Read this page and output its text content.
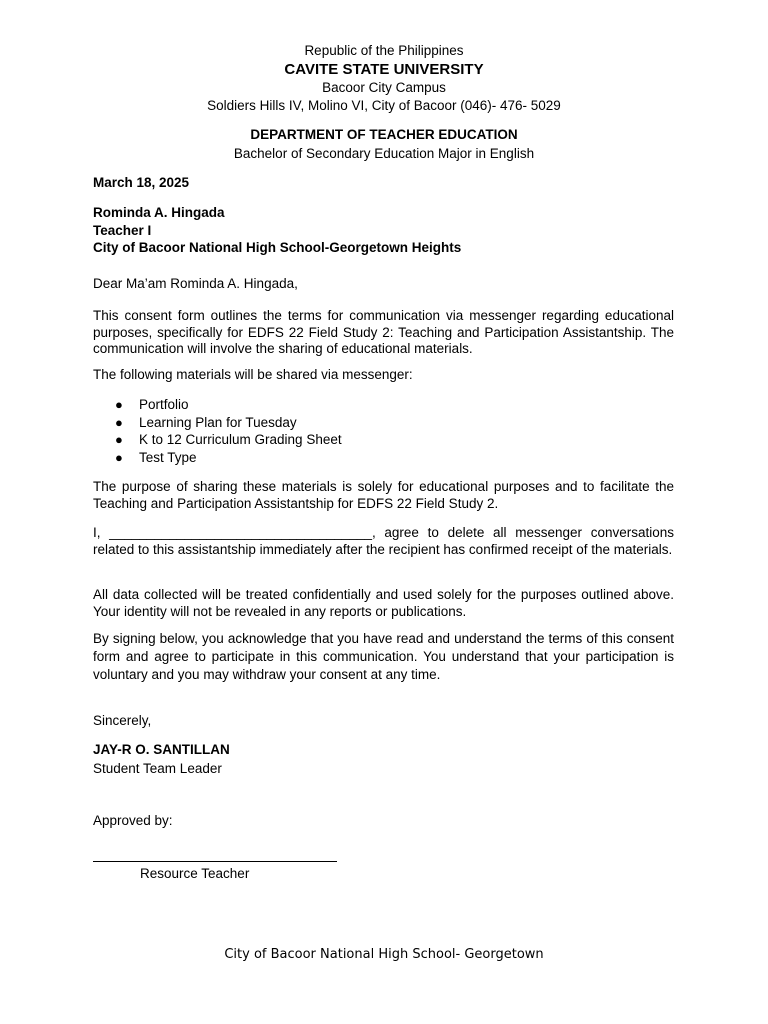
Republic of the Philippines
CAVITE STATE UNIVERSITY
Bacoor City Campus
Soldiers Hills IV, Molino VI, City of Bacoor (046)- 476- 5029
DEPARTMENT OF TEACHER EDUCATION
Bachelor of Secondary Education Major in English
March 18, 2025
Rominda A. Hingada
Teacher I
City of Bacoor National High School-Georgetown Heights
Dear Ma’am Rominda A. Hingada,
This consent form outlines the terms for communication via messenger regarding educational purposes, specifically for EDFS 22 Field Study 2: Teaching and Participation Assistantship. The communication will involve the sharing of educational materials.
The following materials will be shared via messenger:
● Portfolio
● Learning Plan for Tuesday
● K to 12 Curriculum Grading Sheet
● Test Type
The purpose of sharing these materials is solely for educational purposes and to facilitate the Teaching and Participation Assistantship for EDFS 22 Field Study 2.
I, ___________________________________, agree to delete all messenger conversations related to this assistantship immediately after the recipient has confirmed receipt of the materials.
All data collected will be treated confidentially and used solely for the purposes outlined above. Your identity will not be revealed in any reports or publications.
By signing below, you acknowledge that you have read and understand the terms of this consent form and agree to participate in this communication. You understand that your participation is voluntary and you may withdraw your consent at any time.
Sincerely,
JAY-R O. SANTILLAN
Student Team Leader
Approved by:
Resource Teacher
City of Bacoor National High School- Georgetown
